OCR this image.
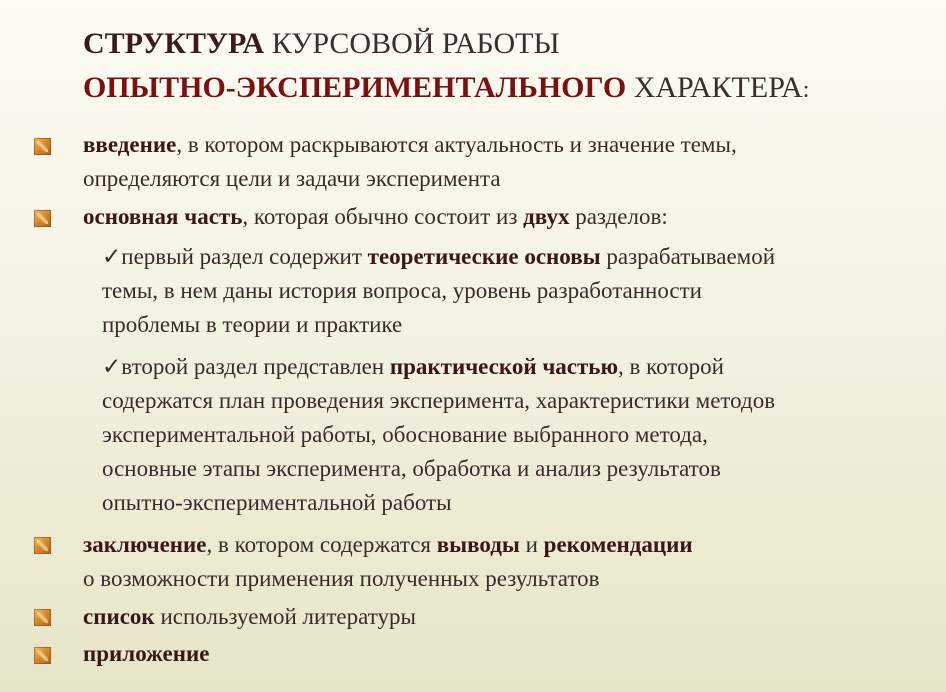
СТРУКТУРА КУРСОВОЙ РАБОТЫ
ОПЫТНО-ЭКСПЕРИМЕНТАЛЬНОГО ХАРАКТЕРА:
введение, в котором раскрываются актуальность и значение темы,
определяются цели и задачи эксперимента
основная часть, которая обычно состоит из двух разделов:
✓первый раздел содержит теоретические основы разрабатываемой
темы, в нем даны история вопроса, уровень разработанности
проблемы в теории и практике
✓второй раздел представлен практической частью, в которой
содержатся план проведения эксперимента, характеристики методов
экспериментальной работы, обоснование выбранного метода,
основные этапы эксперимента, обработка и анализ результатов
опытно-экспериментальной работы
заключение, в котором содержатся выводы и рекомендации
о возможности применения полученных результатов
список используемой литературы
приложение
